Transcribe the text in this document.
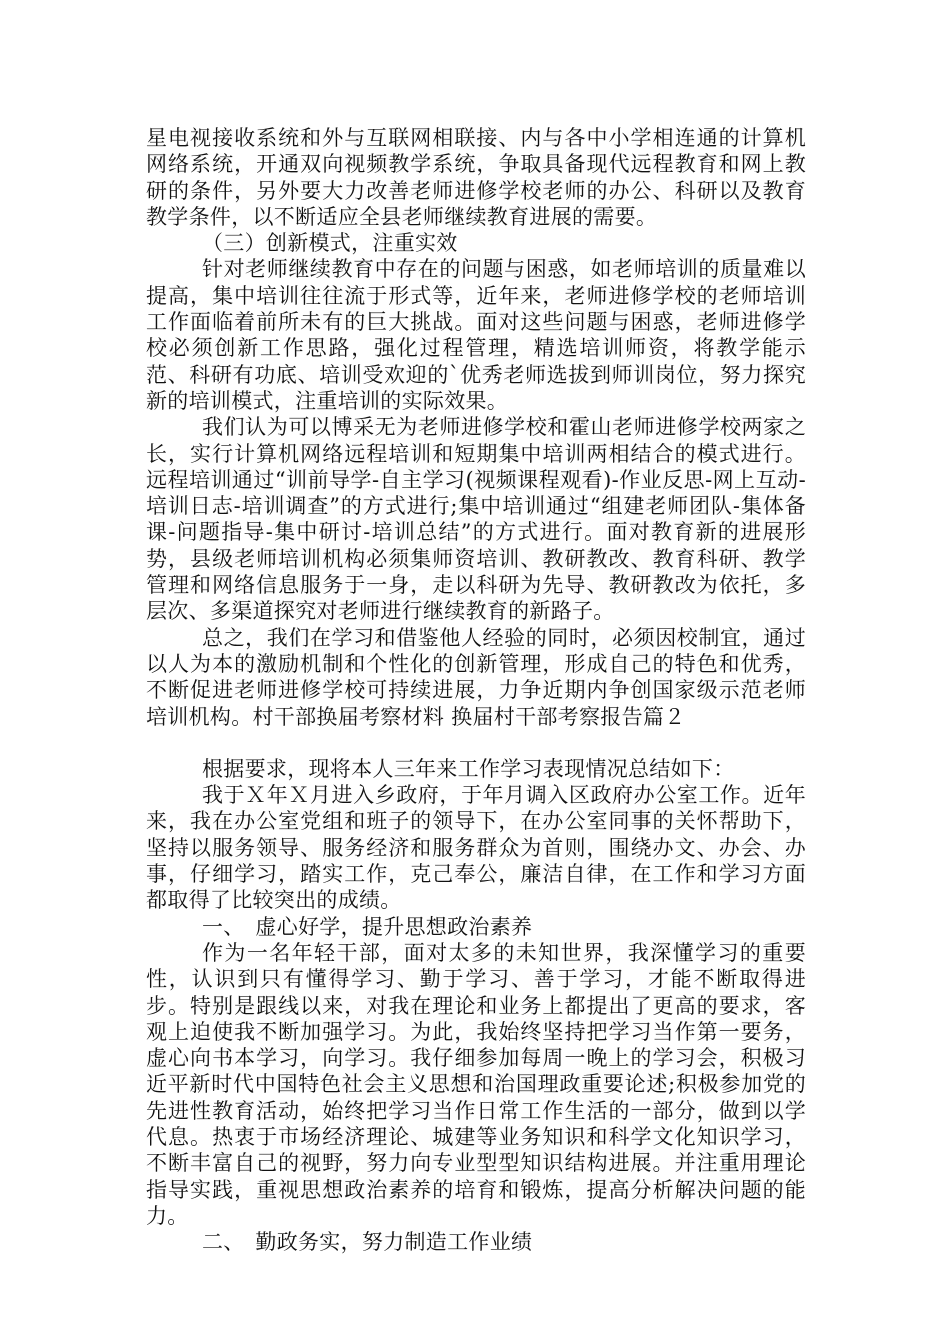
星电视接收系统和外与互联网相联接、内与各中小学相连通的计算机网络系统，开通双向视频教学系统，争取具备现代远程教育和网上教研的条件，另外要大力改善老师进修学校老师的办公、科研以及教育教学条件，以不断适应全县老师继续教育进展的需要。

（三）创新模式，注重实效

针对老师继续教育中存在的问题与困惑，如老师培训的质量难以提高，集中培训往往流于形式等，近年来，老师进修学校的老师培训工作面临着前所未有的巨大挑战。面对这些问题与困惑，老师进修学校必须创新工作思路，强化过程管理，精选培训师资，将教学能示范、科研有功底、培训受欢迎的`优秀老师选拔到师训岗位，努力探究新的培训模式，注重培训的实际效果。

我们认为可以博采无为老师进修学校和霍山老师进修学校两家之长，实行计算机网络远程培训和短期集中培训两相结合的模式进行。远程培训通过“训前导学-自主学习(视频课程观看)-作业反思-网上互动-培训日志-培训调查”的方式进行;集中培训通过“组建老师团队-集体备课-问题指导-集中研讨-培训总结”的方式进行。面对教育新的进展形势，县级老师培训机构必须集师资培训、教研教改、教育科研、教学管理和网络信息服务于一身，走以科研为先导、教研教改为依托，多层次、多渠道探究对老师进行继续教育的新路子。

总之，我们在学习和借鉴他人经验的同时，必须因校制宜，通过以人为本的激励机制和个性化的创新管理，形成自己的特色和优秀，不断促进老师进修学校可持续进展，力争近期内争创国家级示范老师培训机构。村干部换届考察材料 换届村干部考察报告篇２

根据要求，现将本人三年来工作学习表现情况总结如下：

我于Ｘ年Ｘ月进入乡政府，于年月调入区政府办公室工作。近年来，我在办公室党组和班子的领导下，在办公室同事的关怀帮助下，坚持以服务领导、服务经济和服务群众为首则，围绕办文、办会、办事，仔细学习，踏实工作，克己奉公，廉洁自律，在工作和学习方面都取得了比较突出的成绩。

一、　虚心好学，提升思想政治素养

作为一名年轻干部，面对太多的未知世界，我深懂学习的重要性，认识到只有懂得学习、勤于学习、善于学习，才能不断取得进步。特别是跟线以来，对我在理论和业务上都提出了更高的要求，客观上迫使我不断加强学习。为此，我始终坚持把学习当作第一要务，虚心向书本学习，向学习。我仔细参加每周一晚上的学习会，积极习近平新时代中国特色社会主义思想和治国理政重要论述;积极参加党的先进性教育活动，始终把学习当作日常工作生活的一部分，做到以学代息。热衷于市场经济理论、城建等业务知识和科学文化知识学习，不断丰富自己的视野，努力向专业型型知识结构进展。并注重用理论指导实践，重视思想政治素养的培育和锻炼，提高分析解决问题的能力。

二、　勤政务实，努力制造工作业绩
